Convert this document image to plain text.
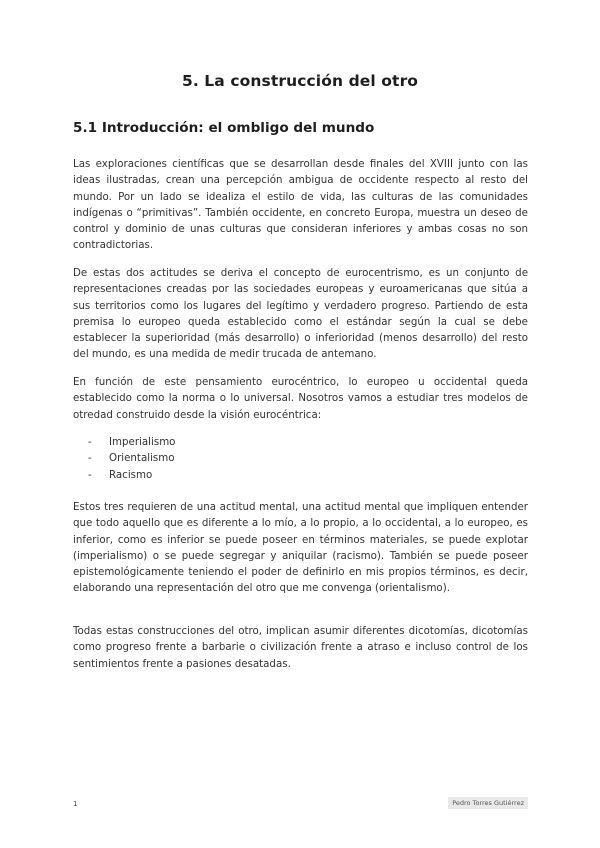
5. La construcción del otro
5.1 Introducción: el ombligo del mundo

Las exploraciones científicas que se desarrollan desde finales del XVIII junto con las ideas ilustradas, crean una percepción ambigua de occidente respecto al resto del mundo. Por un lado se idealiza el estilo de vida, las culturas de las comunidades indígenas o “primitivas”. También occidente, en concreto Europa, muestra un deseo de control y dominio de unas culturas que consideran inferiores y ambas cosas no son contradictorias.

De estas dos actitudes se deriva el concepto de eurocentrismo, es un conjunto de representaciones creadas por las sociedades europeas y euroamericanas que sitúa a sus territorios como los lugares del legítimo y verdadero progreso. Partiendo de esta premisa lo europeo queda establecido como el estándar según la cual se debe establecer la superioridad (más desarrollo) o inferioridad (menos desarrollo) del resto del mundo, es una medida de medir trucada de antemano.

En función de este pensamiento eurocéntrico, lo europeo u occidental queda establecido como la norma o lo universal. Nosotros vamos a estudiar tres modelos de otredad construido desde la visión eurocéntrica:

- Imperialismo
- Orientalismo
- Racismo

Estos tres requieren de una actitud mental, una actitud mental que impliquen entender que todo aquello que es diferente a lo mío, a lo propio, a lo occidental, a lo europeo, es inferior, como es inferior se puede poseer en términos materiales, se puede explotar (imperialismo) o se puede segregar y aniquilar (racismo). También se puede poseer epistemológicamente teniendo el poder de definirlo en mis propios términos, es decir, elaborando una representación del otro que me convenga (orientalismo).

Todas estas construcciones del otro, implican asumir diferentes dicotomías, dicotomías como progreso frente a barbarie o civilización frente a atraso e incluso control de los sentimientos frente a pasiones desatadas.

1	Pedro Torres Gutiérrez
